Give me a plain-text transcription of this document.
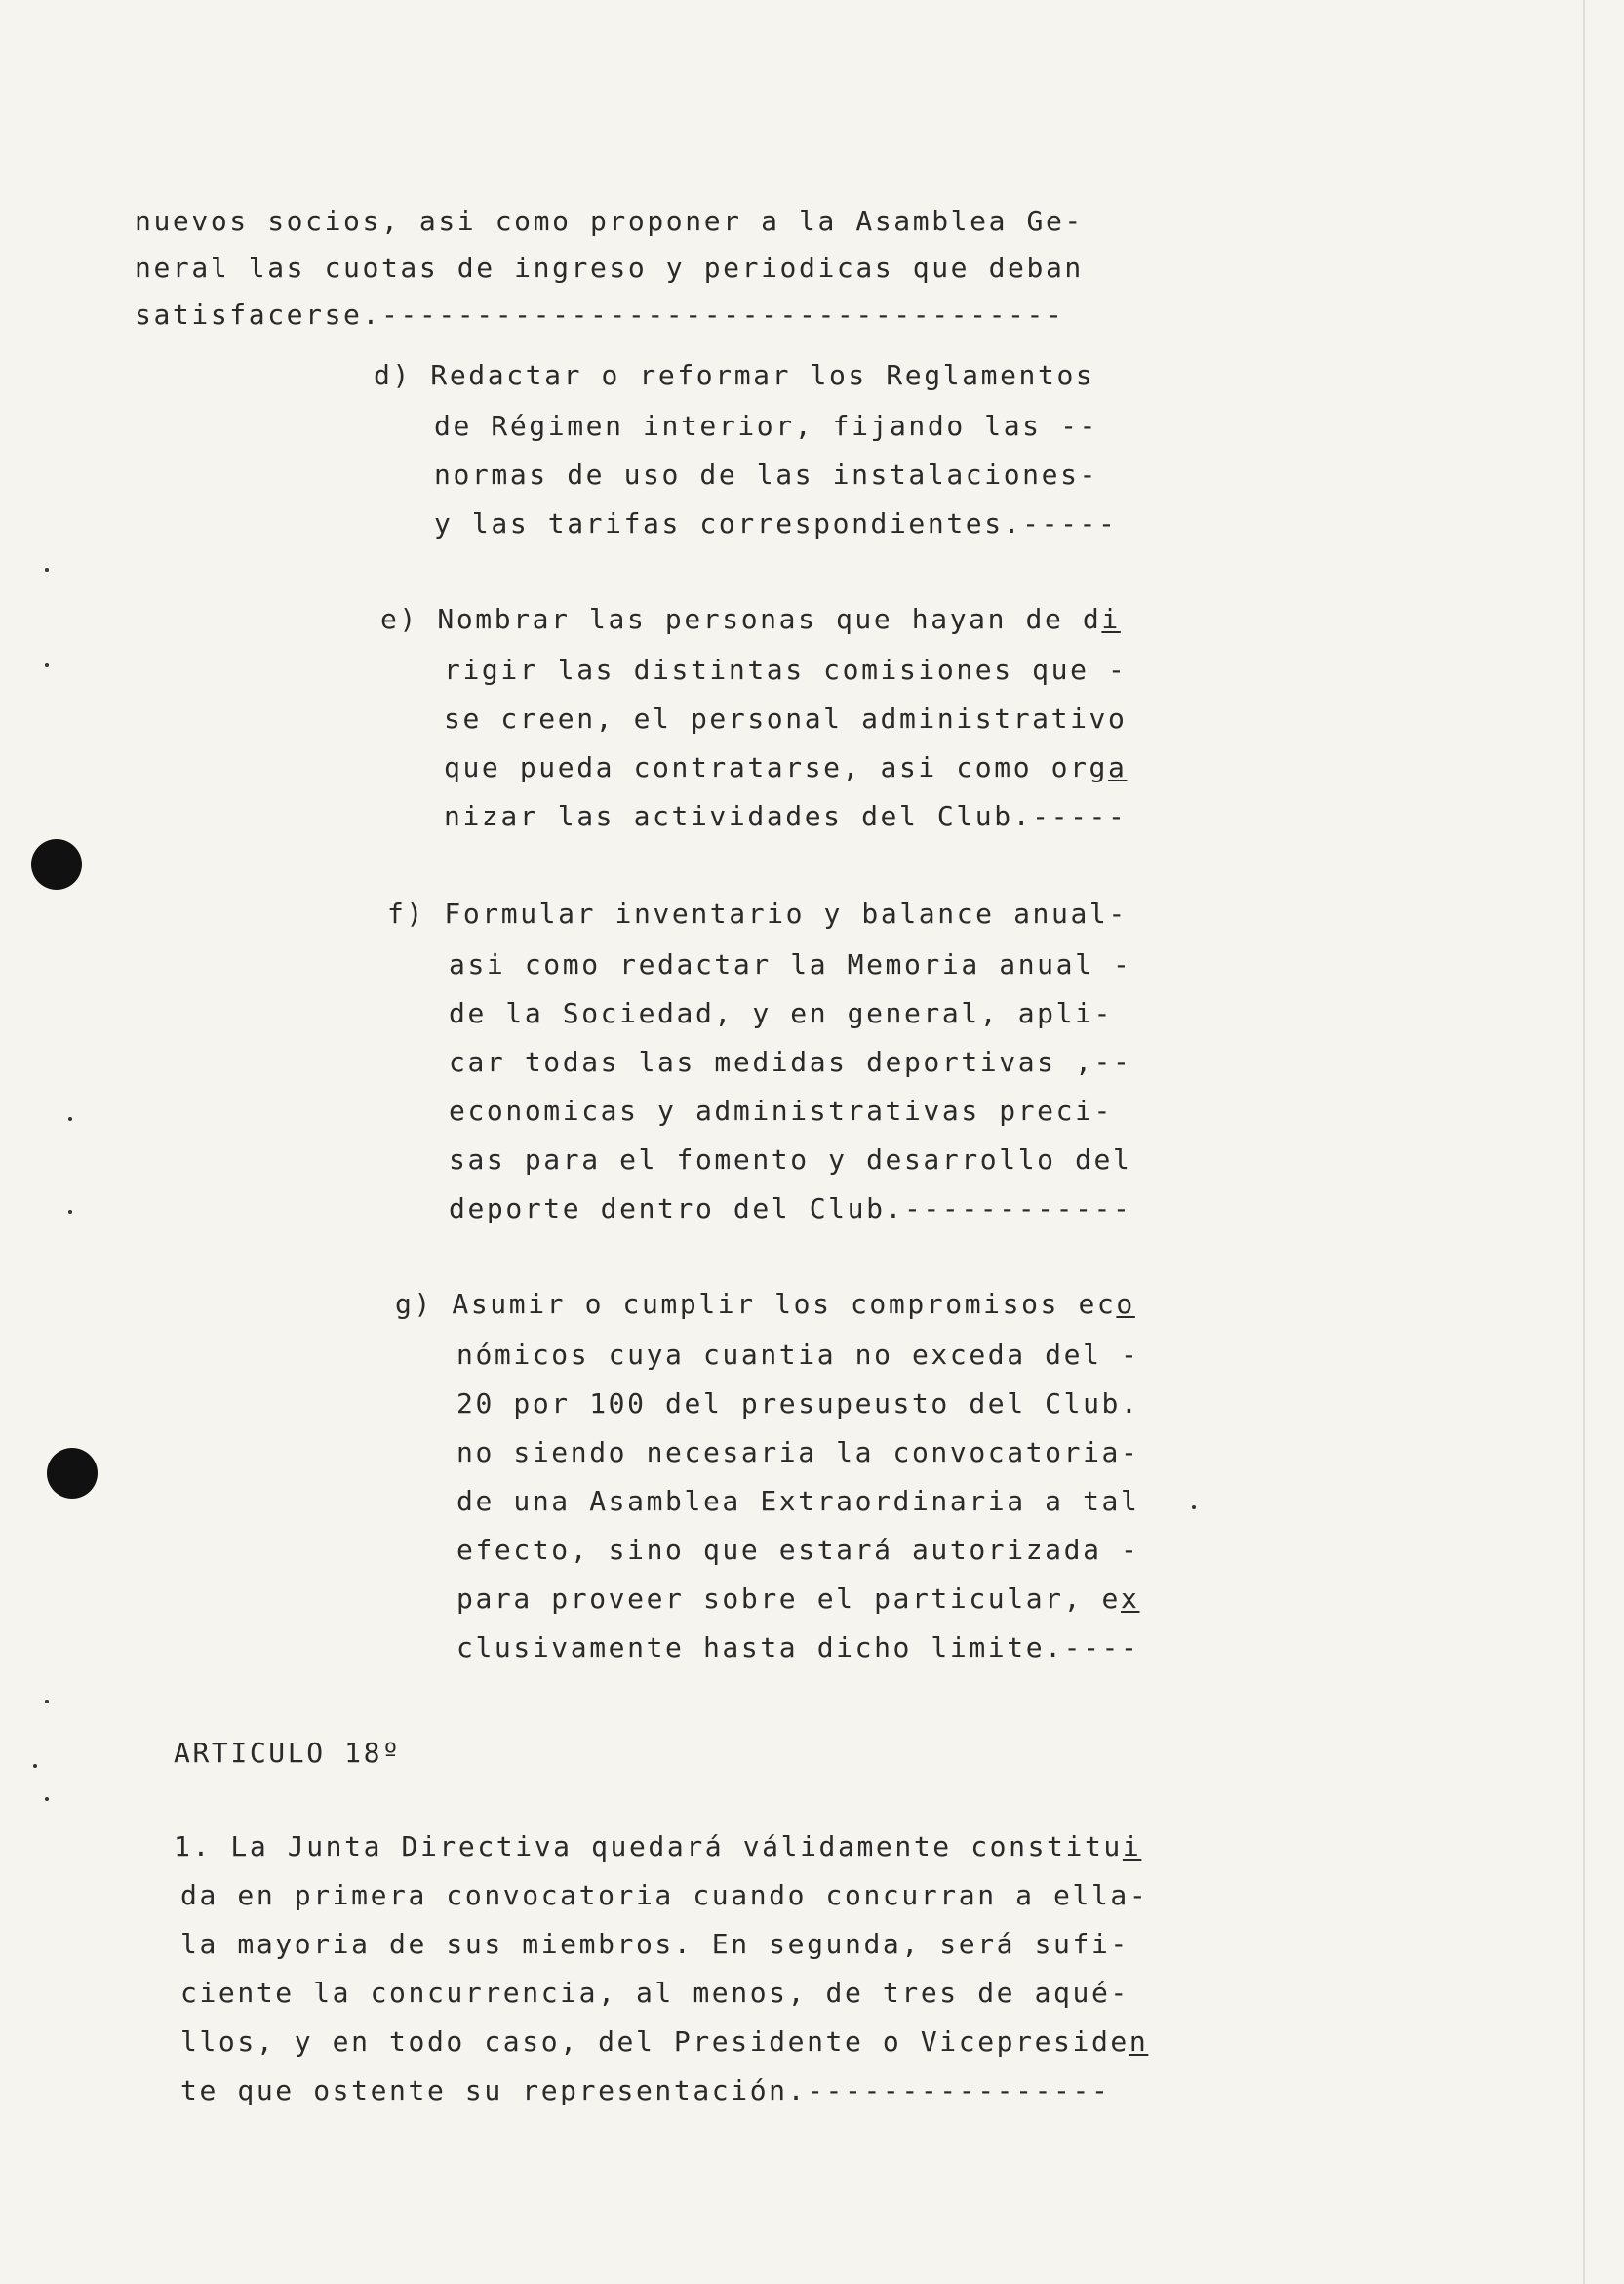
nuevos socios, asi como proponer a la Asamblea Ge-
neral las cuotas de ingreso y periodicas que deban
satisfacerse.------------------------------------
d) Redactar o reformar los Reglamentos
de Régimen interior, fijando las --
normas de uso de las instalaciones-
y las tarifas correspondientes.-----
e) Nombrar las personas que hayan de di
rigir las distintas comisiones que -
se creen, el personal administrativo
que pueda contratarse, asi como orga
nizar las actividades del Club.-----
f) Formular inventario y balance anual-
asi como redactar la Memoria anual -
de la Sociedad, y en general, apli-
car todas las medidas deportivas ,--
economicas y administrativas preci-
sas para el fomento y desarrollo del
deporte dentro del Club.------------
g) Asumir o cumplir los compromisos eco
nómicos cuya cuantia no exceda del -
20 por 100 del presupeusto del Club.
no siendo necesaria la convocatoria-
de una Asamblea Extraordinaria a tal
efecto, sino que estará autorizada -
para proveer sobre el particular, ex
clusivamente hasta dicho limite.----
ARTICULO 18º
1. La Junta Directiva quedará válidamente constitui
da en primera convocatoria cuando concurran a ella-
la mayoria de sus miembros. En segunda, será sufi-
ciente la concurrencia, al menos, de tres de aqué-
llos, y en todo caso, del Presidente o Vicepresiden
te que ostente su representación.----------------
